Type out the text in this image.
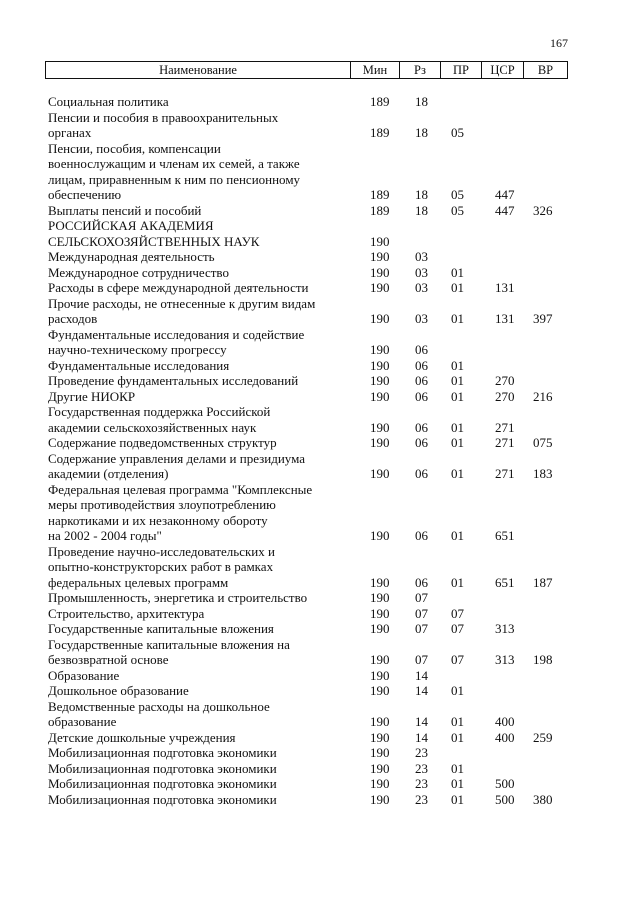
167
Наименование	Мин	Рз	ПР	ЦСР	ВР
Социальная политика	189	18
Пенсии и пособия в правоохранительных
органах	189	18	05
Пенсии, пособия, компенсации
военнослужащим и членам их семей, а также
лицам, приравненным к ним по пенсионному
обеспечению	189	18	05	447
Выплаты пенсий и пособий	189	18	05	447	326
РОССИЙСКАЯ АКАДЕМИЯ
СЕЛЬСКОХОЗЯЙСТВЕННЫХ НАУК	190
Международная деятельность	190	03
Международное сотрудничество	190	03	01
Расходы в сфере международной деятельности	190	03	01	131
Прочие расходы, не отнесенные к другим видам
расходов	190	03	01	131	397
Фундаментальные исследования и содействие
научно-техническому прогрессу	190	06
Фундаментальные исследования	190	06	01
Проведение фундаментальных исследований	190	06	01	270
Другие НИОКР	190	06	01	270	216
Государственная поддержка Российской
академии сельскохозяйственных наук	190	06	01	271
Содержание подведомственных структур	190	06	01	271	075
Содержание управления делами и президиума
академии (отделения)	190	06	01	271	183
Федеральная целевая программа "Комплексные
меры противодействия злоупотреблению
наркотиками и их незаконному обороту
на 2002 - 2004 годы"	190	06	01	651
Проведение научно-исследовательских и
опытно-конструкторских работ в рамках
федеральных целевых программ	190	06	01	651	187
Промышленность, энергетика и строительство	190	07
Строительство, архитектура	190	07	07
Государственные капитальные вложения	190	07	07	313
Государственные капитальные вложения на
безвозвратной основе	190	07	07	313	198
Образование	190	14
Дошкольное образование	190	14	01
Ведомственные расходы на дошкольное
образование	190	14	01	400
Детские дошкольные учреждения	190	14	01	400	259
Мобилизационная подготовка экономики	190	23
Мобилизационная подготовка экономики	190	23	01
Мобилизационная подготовка экономики	190	23	01	500
Мобилизационная подготовка экономики	190	23	01	500	380
